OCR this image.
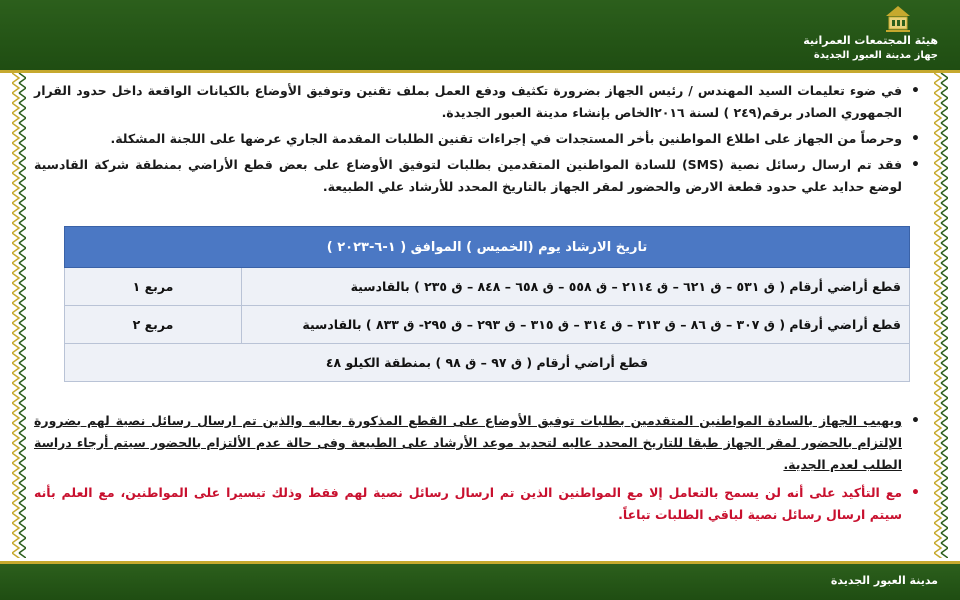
هيئة المجتمعات العمرانية
جهاز مدينة العبور الجديدة
• في ضوء تعليمات السيد المهندس / رئيس الجهاز بضرورة تكثيف ودفع العمل بملف تقنين وتوفيق الأوضاع بالكيانات الواقعة داخل حدود القرار الجمهوري الصادر برقم(٢٤٩ ) لسنة ٢٠١٦الخاص بإنشاء مدينة العبور الجديدة.
• وحرصاً من الجهاز على اطلاع المواطنين بأخر المستجدات في إجراءات تقنين الطلبات المقدمة الجاري عرضها على اللجنة المشكلة.
• فقد تم ارسال رسائل نصية (SMS) للسادة المواطنين المتقدمين بطلبات لتوفيق الأوضاع على بعض قطع الأراضي بمنطقة شركة القادسية لوضع حدايد علي حدود قطعة الارض والحضور لمقر الجهاز بالتاريخ المحدد للأرشاد علي الطبيعة.
تاريخ الارشاد يوم (الخميس ) الموافق ( ١-٦-٢٠٢٣ )	
قطع أراضي أرقام ( ق ٥٣١ – ق ٦٢١ – ق ٢١١٤ – ق ٥٥٨ – ق ٦٥٨ – ٨٤٨ – ق ٢٣٥ ) بالقادسية	مربع ١
قطع أراضي أرقام ( ق ٣٠٧ – ق ٨٦ – ق ٣١٣ – ق ٣١٤ – ق ٣١٥ – ق ٢٩٣ – ق ٢٩٥- ق ٨٣٣ ) بالقادسية	مربع ٢
قطع أراضي أرقام ( ق ٩٧ – ق ٩٨ ) بمنطقة الكيلو ٤٨	
• ويهيب الجهاز بالسادة المواطنين المتقدمين بطلبات توفيق الأوضاع على القطع المذكورة بعاليه والذين تم ارسال رسائل نصية لهم بضرورة الإلتزام بالحضور لمقر الجهاز طبقا للتاريخ المحدد عاليه لتحديد موعد الأرشاد على الطبيعة وفى حالة عدم الألتزام بالحضور سيتم أرجاء دراسة الطلب لعدم الجدية.
• مع التأكيد على أنه لن يسمح بالتعامل إلا مع المواطنين الذين تم ارسال رسائل نصية لهم فقط وذلك تيسيرا على المواطنين، مع العلم بأنه سيتم ارسال رسائل نصية لباقي الطلبات تباعاً.
مدينة العبور الجديدة
